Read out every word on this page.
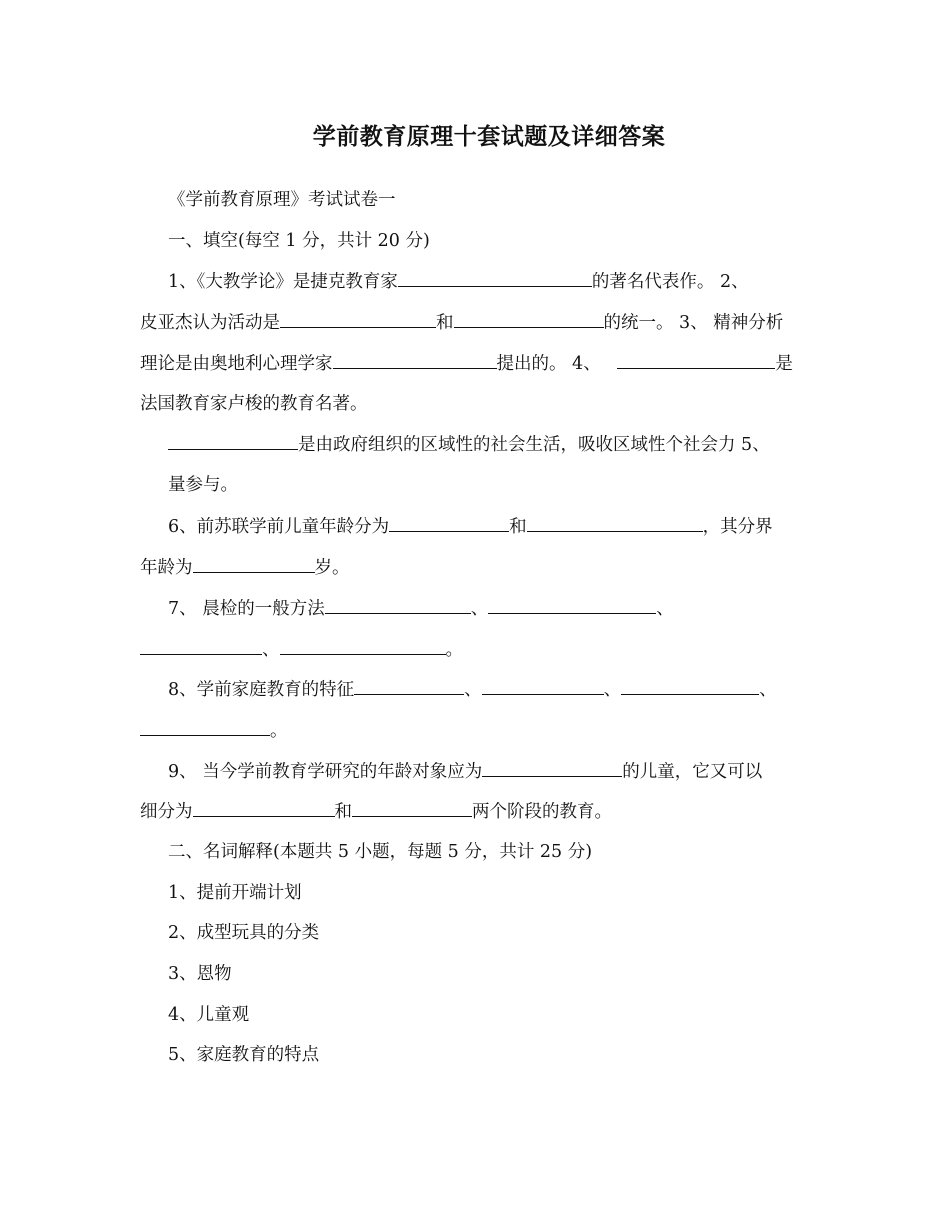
学前教育原理十套试题及详细答案
《学前教育原理》考试试卷一
一、填空(每空 1 分，共计 20 分)
1、《大教学论》是捷克教育家	的著名代表作。 2、
皮亚杰认为活动是	和	的统一。 3、 精神分析
理论是由奥地利心理学家	提出的。 4、	是
法国教育家卢梭的教育名著。
是由政府组织的区域性的社会生活，吸收区域性个社会力 5、
量参与。
6、前苏联学前儿童年龄分为	和	，其分界
年龄为	岁。
7、 晨检的一般方法	、	、
、	。
8、学前家庭教育的特征	、	、	、
。
9、 当今学前教育学研究的年龄对象应为	的儿童，它又可以
细分为	和	两个阶段的教育。
二、名词解释(本题共 5 小题，每题 5 分，共计 25 分)
1、提前开端计划
2、成型玩具的分类
3、恩物
4、儿童观
5、家庭教育的特点
